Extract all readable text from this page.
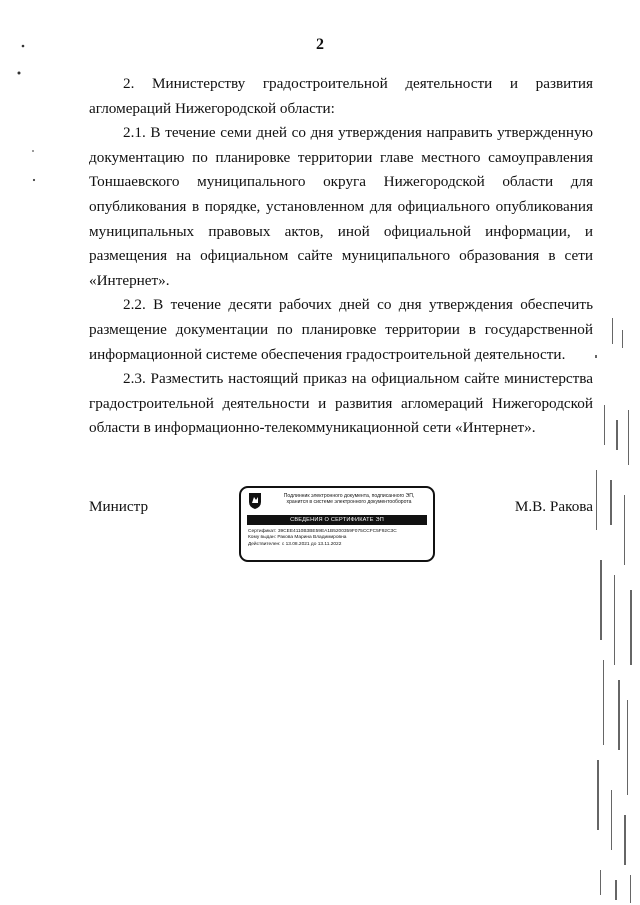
2

2. Министерству градостроительной деятельности и развития агломераций Нижегородской области:

2.1. В течение семи дней со дня утверждения направить утвержденную документацию по планировке территории главе местного самоуправления Тоншаевского муниципального округа Нижегородской области для опубликования в порядке, установленном для официального опубликования муниципальных правовых актов, иной официальной информации, и размещения на официальном сайте муниципального образования в сети «Интернет».

2.2. В течение десяти рабочих дней со дня утверждения обеспечить размещение документации по планировке территории в государственной информационной системе обеспечения градостроительной деятельности.

2.3. Разместить настоящий приказ на официальном сайте министерства градостроительной деятельности и развития агломераций Нижегородской области в информационно-телекоммуникационной сети «Интернет».

Министр
Подлинник электронного документа, подписанного ЭП,
хранится в системе электронного документооборота
СВЕДЕНИЯ О СЕРТИФИКАТЕ ЭП
Сертификат: 39CEE4110B3BE59EA1B5200359F075CCFC5F92C3C
Кому выдан: Ракова Марина Владимировна
Действителен: с 13.08.2021 до 13.11.2022
М.В. Ракова
